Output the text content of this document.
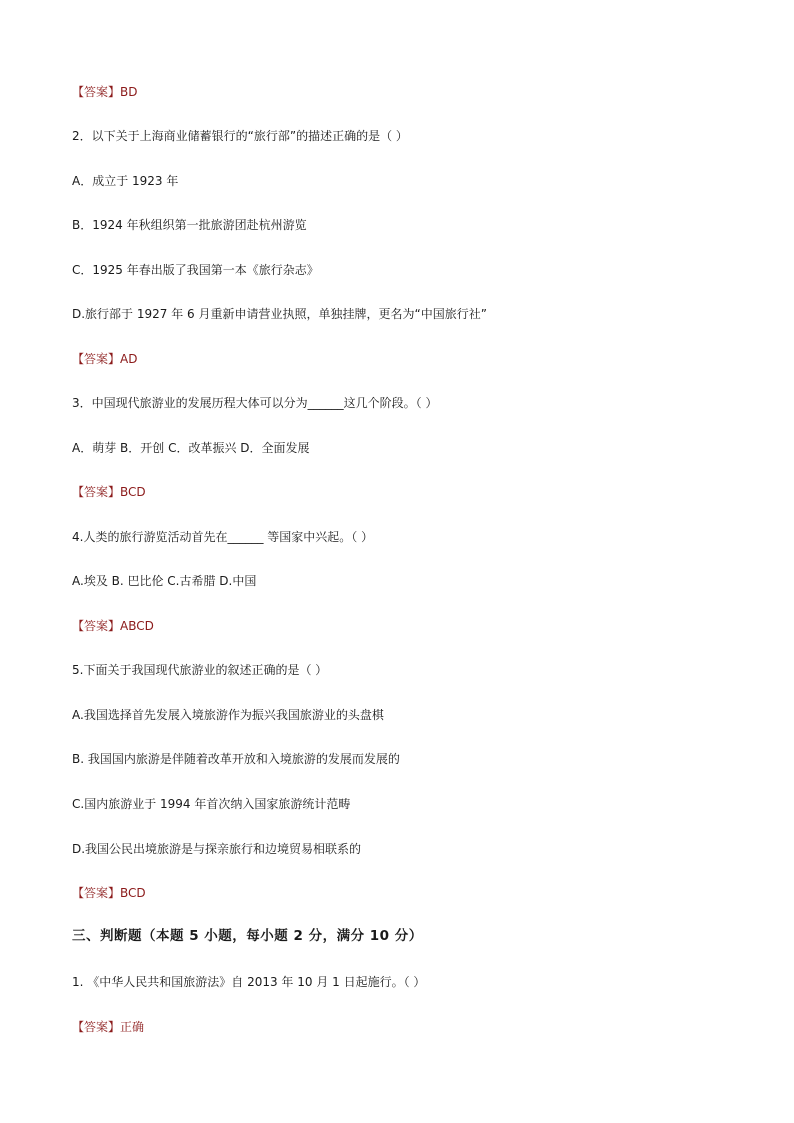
【答案】BD
2．以下关于上海商业储蓄银行的“旅行部”的描述正确的是（ ）
A．成立于 1923 年
B．1924 年秋组织第一批旅游团赴杭州游览
C．1925 年春出版了我国第一本《旅行杂志》
D.旅行部于 1927 年 6 月重新申请营业执照，单独挂牌，更名为“中国旅行社”
【答案】AD
3．中国现代旅游业的发展历程大体可以分为______这几个阶段。（ ）
A．萌芽 B．开创 C．改革振兴 D．全面发展
【答案】BCD
4.人类的旅行游览活动首先在______ 等国家中兴起。（ ）
A.埃及 B. 巴比伦 C.古希腊 D.中国
【答案】ABCD
5.下面关于我国现代旅游业的叙述正确的是（ ）
A.我国选择首先发展入境旅游作为振兴我国旅游业的头盘棋
B. 我国国内旅游是伴随着改革开放和入境旅游的发展而发展的
C.国内旅游业于 1994 年首次纳入国家旅游统计范畴
D.我国公民出境旅游是与探亲旅行和边境贸易相联系的
【答案】BCD
三、判断题（本题 5 小题，每小题 2 分，满分 10 分）
1. 《中华人民共和国旅游法》自 2013 年 10 月 1 日起施行。（ ）
【答案】正确
